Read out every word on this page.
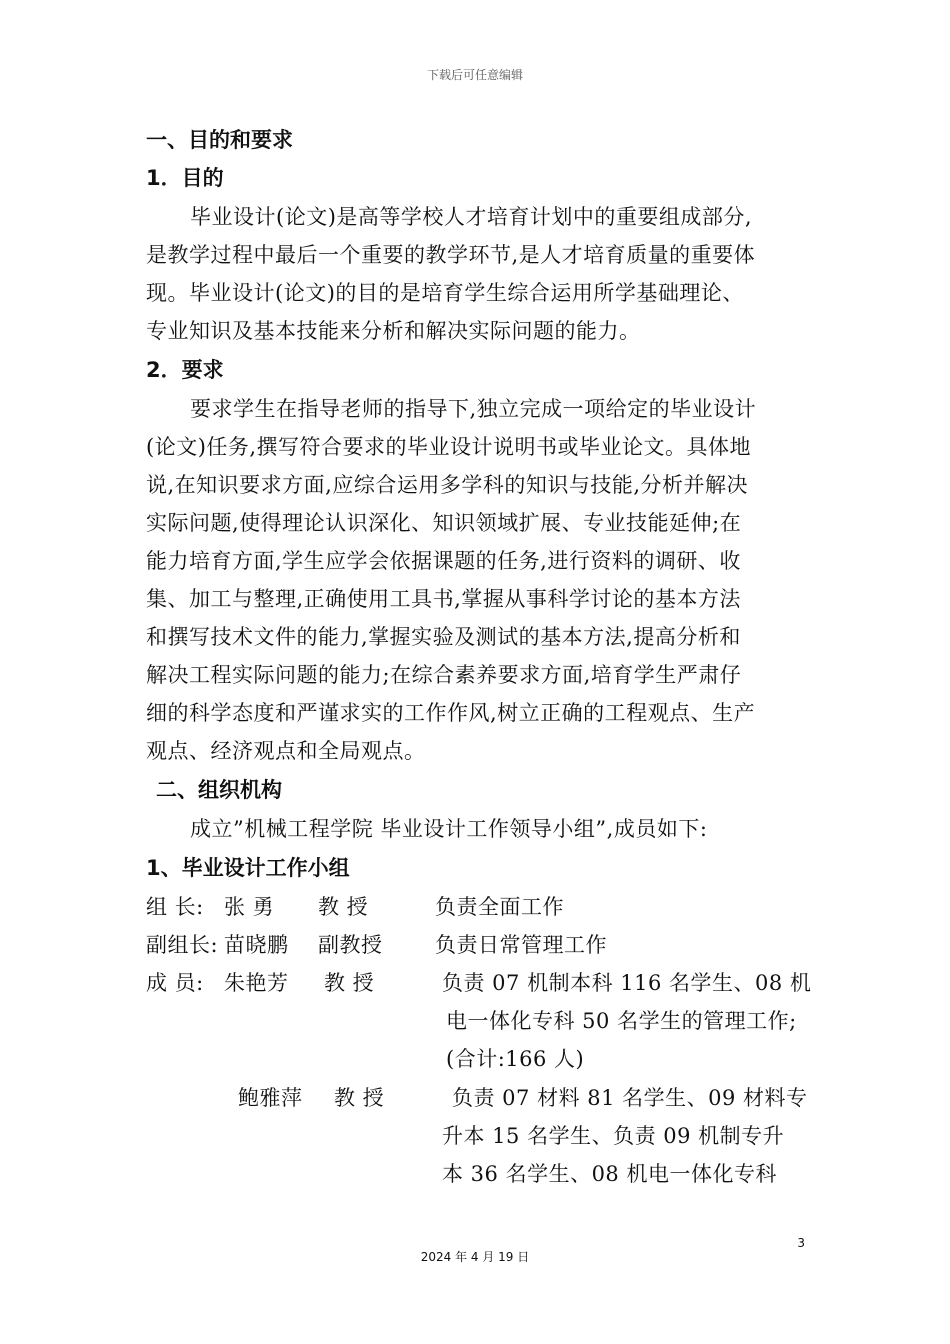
下载后可任意编辑
一、目的和要求
1．目的
毕业设计(论文)是高等学校人才培育计划中的重要组成部分,
是教学过程中最后一个重要的教学环节,是人才培育质量的重要体
现。毕业设计(论文)的目的是培育学生综合运用所学基础理论、
专业知识及基本技能来分析和解决实际问题的能力。
2．要求
要求学生在指导老师的指导下,独立完成一项给定的毕业设计
(论文)任务,撰写符合要求的毕业设计说明书或毕业论文。具体地
说,在知识要求方面,应综合运用多学科的知识与技能,分析并解决
实际问题,使得理论认识深化、知识领域扩展、专业技能延伸;在
能力培育方面,学生应学会依据课题的任务,进行资料的调研、收
集、加工与整理,正确使用工具书,掌握从事科学讨论的基本方法
和撰写技术文件的能力,掌握实验及测试的基本方法,提高分析和
解决工程实际问题的能力;在综合素养要求方面,培育学生严肃仔
细的科学态度和严谨求实的工作作风,树立正确的工程观点、生产
观点、经济观点和全局观点。
二、组织机构
成立”机械工程学院 毕业设计工作领导小组”,成员如下:
1、毕业设计工作小组
组 长: 张 勇 教 授	负责全面工作
副组长: 苗晓鹏 副教授	负责日常管理工作
成 员: 朱艳芳 教 授	负责 07 机制本科 116 名学生、08 机
电一体化专科 50 名学生的管理工作;
(合计:166 人)
鲍雅萍 教 授	负责 07 材料 81 名学生、09 材料专
升本 15 名学生、负责 09 机制专升
本 36 名学生、08 机电一体化专科
3
2024 年 4 月 19 日
